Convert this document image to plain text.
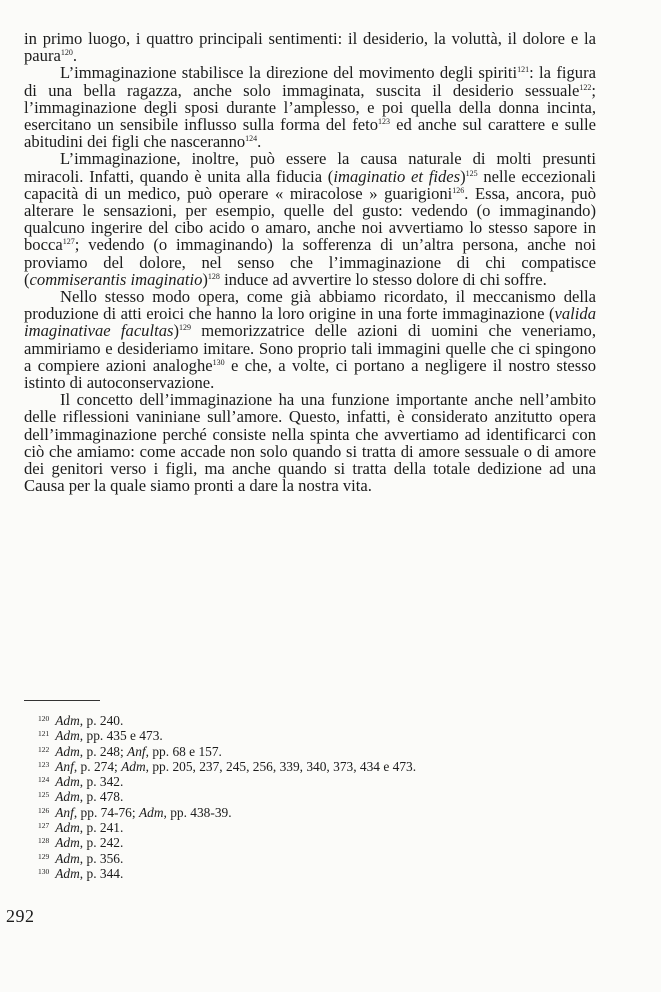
in primo luogo, i quattro principali sentimenti: il desiderio, la voluttà, il dolore e la paura$^{120}$.

L’immaginazione stabilisce la direzione del movimento degli spiriti$^{121}$: la figura di una bella ragazza, anche solo immaginata, suscita il desiderio sessuale$^{122}$; l’immaginazione degli sposi durante l’amplesso, e poi quella della donna incinta, esercitano un sensibile influsso sulla forma del feto$^{123}$ ed anche sul carattere e sulle abitudini dei figli che nasceranno$^{124}$.

L’immaginazione, inoltre, può essere la causa naturale di molti presunti miracoli. Infatti, quando è unita alla fiducia (imaginatio et fides)$^{125}$ nelle eccezionali capacità di un medico, può operare « miracolose » guarigioni$^{126}$. Essa, ancora, può alterare le sensazioni, per esempio, quelle del gusto: vedendo (o immaginando) qualcuno ingerire del cibo acido o amaro, anche noi avvertiamo lo stesso sapore in bocca$^{127}$; vedendo (o immaginando) la sofferenza di un’altra persona, anche noi proviamo del dolore, nel senso che l’immaginazione di chi compatisce (commiserantis imaginatio)$^{128}$ induce ad avvertire lo stesso dolore di chi soffre.

Nello stesso modo opera, come già abbiamo ricordato, il meccanismo della produzione di atti eroici che hanno la loro origine in una forte immaginazione (valida imaginativae facultas)$^{129}$ memorizzatrice delle azioni di uomini che veneriamo, ammiriamo e desideriamo imitare. Sono proprio tali immagini quelle che ci spingono a compiere azioni analoghe$^{130}$ e che, a volte, ci portano a negligere il nostro stesso istinto di autoconservazione.

Il concetto dell’immaginazione ha una funzione importante anche nell’ambito delle riflessioni vaniniane sull’amore. Questo, infatti, è considerato anzitutto opera dell’immaginazione perché consiste nella spinta che avvertiamo ad identificarci con ciò che amiamo: come accade non solo quando si tratta di amore sessuale o di amore dei genitori verso i figli, ma anche quando si tratta della totale dedizione ad una Causa per la quale siamo pronti a dare la nostra vita.

$^{120}$ Adm, p. 240.
$^{121}$ Adm, pp. 435 e 473.
$^{122}$ Adm, p. 248; Anf, pp. 68 e 157.
$^{123}$ Anf, p. 274; Adm, pp. 205, 237, 245, 256, 339, 340, 373, 434 e 473.
$^{124}$ Adm, p. 342.
$^{125}$ Adm, p. 478.
$^{126}$ Anf, pp. 74-76; Adm, pp. 438-39.
$^{127}$ Adm, p. 241.
$^{128}$ Adm, p. 242.
$^{129}$ Adm, p. 356.
$^{130}$ Adm, p. 344.
292
